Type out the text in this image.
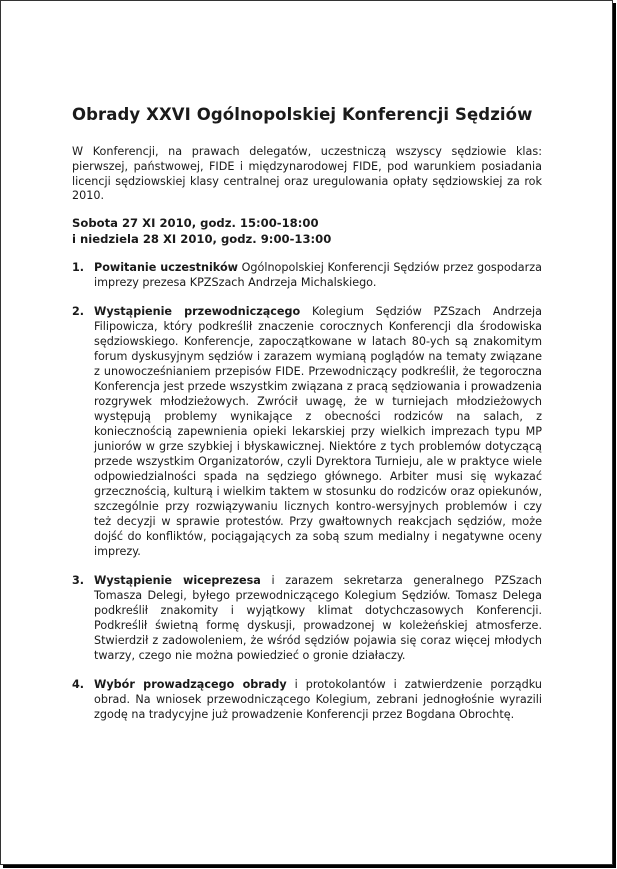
Obrady XXVI Ogólnopolskiej Konferencji Sędziów

W Konferencji, na prawach delegatów, uczestniczą wszyscy sędziowie klas: pierwszej, państwowej, FIDE i międzynarodowej FIDE, pod warunkiem posiadania licencji sędziowskiej klasy centralnej oraz uregulowania opłaty sędziowskiej za rok 2010.

Sobota 27 XI 2010, godz. 15:00-18:00
i niedziela 28 XI 2010, godz. 9:00-13:00
1. Powitanie uczestników Ogólnopolskiej Konferencji Sędziów przez gospodarza imprezy prezesa KPZSzach Andrzeja Michalskiego.
2. Wystąpienie przewodniczącego Kolegium Sędziów PZSzach Andrzeja Filipowicza, który podkreślił znaczenie corocznych Konferencji dla środowiska sędziowskiego. Konferencje, zapoczątkowane w latach 80-ych są znakomitym forum dyskusyjnym sędziów i zarazem wymianą poglądów na tematy związane z unowocześnianiem przepisów FIDE. Przewodniczący podkreślił, że tegoroczna Konferencja jest przede wszystkim związana z pracą sędziowania i prowadzenia rozgrywek młodzieżowych. Zwrócił uwagę, że w turniejach młodzieżowych występują problemy wynikające z obecności rodziców na salach, z koniecznością zapewnienia opieki lekarskiej przy wielkich imprezach typu MP juniorów w grze szybkiej i błyskawicznej. Niektóre z tych problemów dotyczącą przede wszystkim Organizatorów, czyli Dyrektora Turnieju, ale w praktyce wiele odpowiedzialności spada na sędziego głównego. Arbiter musi się wykazać grzecznością, kulturą i wielkim taktem w stosunku do rodziców oraz opiekunów, szczególnie przy rozwiązywaniu licznych kontro-wersyjnych problemów i czy też decyzji w sprawie protestów. Przy gwałtownych reakcjach sędziów, może dojść do konfliktów, pociągających za sobą szum medialny i negatywne oceny imprezy.
3. Wystąpienie wiceprezesa i zarazem sekretarza generalnego PZSzach Tomasza Delegi, byłego przewodniczącego Kolegium Sędziów. Tomasz Delega podkreślił znakomity i wyjątkowy klimat dotychczasowych Konferencji. Podkreślił świetną formę dyskusji, prowadzonej w koleżeńskiej atmosferze. Stwierdził z zadowoleniem, że wśród sędziów pojawia się coraz więcej młodych twarzy, czego nie można powiedzieć o gronie działaczy.
4. Wybór prowadzącego obrady i protokolantów i zatwierdzenie porządku obrad. Na wniosek przewodniczącego Kolegium, zebrani jednogłośnie wyrazili zgodę na tradycyjne już prowadzenie Konferencji przez Bogdana Obrochtę.
